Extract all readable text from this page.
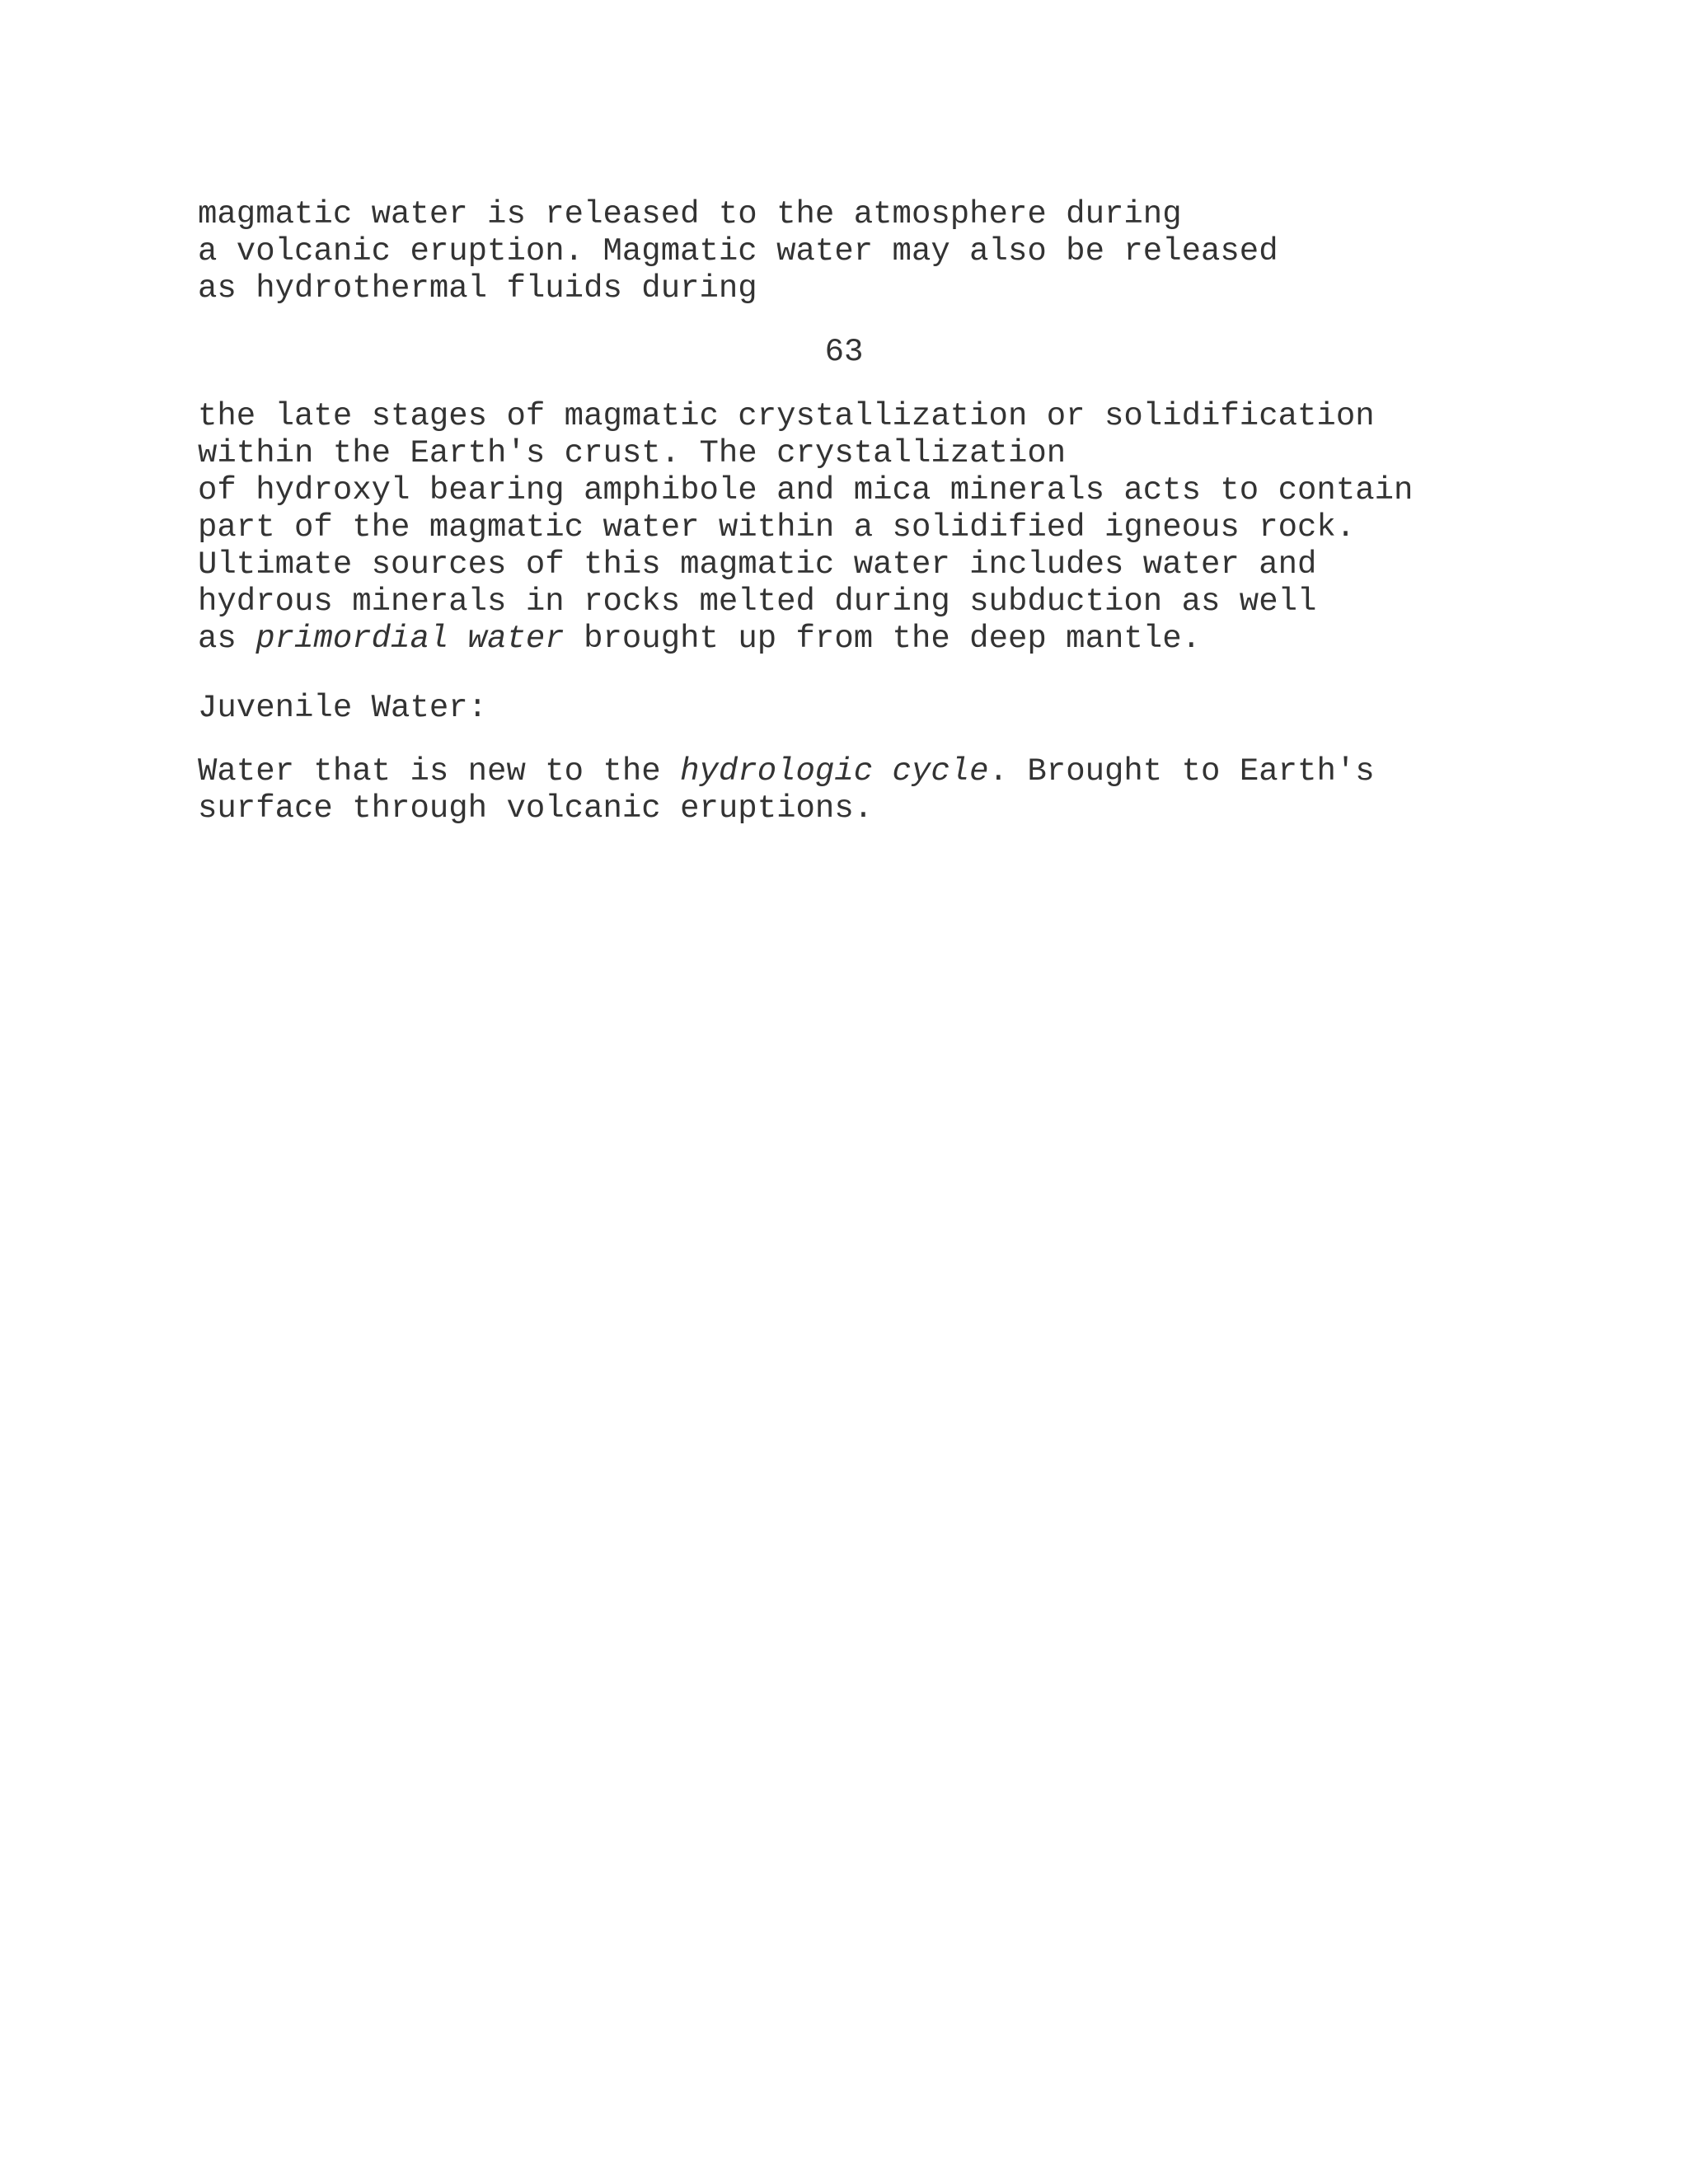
magmatic water is released to the atmosphere during
a volcanic eruption. Magmatic water may also be released
as hydrothermal fluids during
63
the late stages of magmatic crystallization or solidification
within the Earth's crust. The crystallization
of hydroxyl bearing amphibole and mica minerals acts to contain
part of the magmatic water within a solidified igneous rock.
Ultimate sources of this magmatic water includes water and
hydrous minerals in rocks melted during subduction as well
as primordial water brought up from the deep mantle.
Juvenile Water:
Water that is new to the hydrologic cycle. Brought to Earth's
surface through volcanic eruptions.
